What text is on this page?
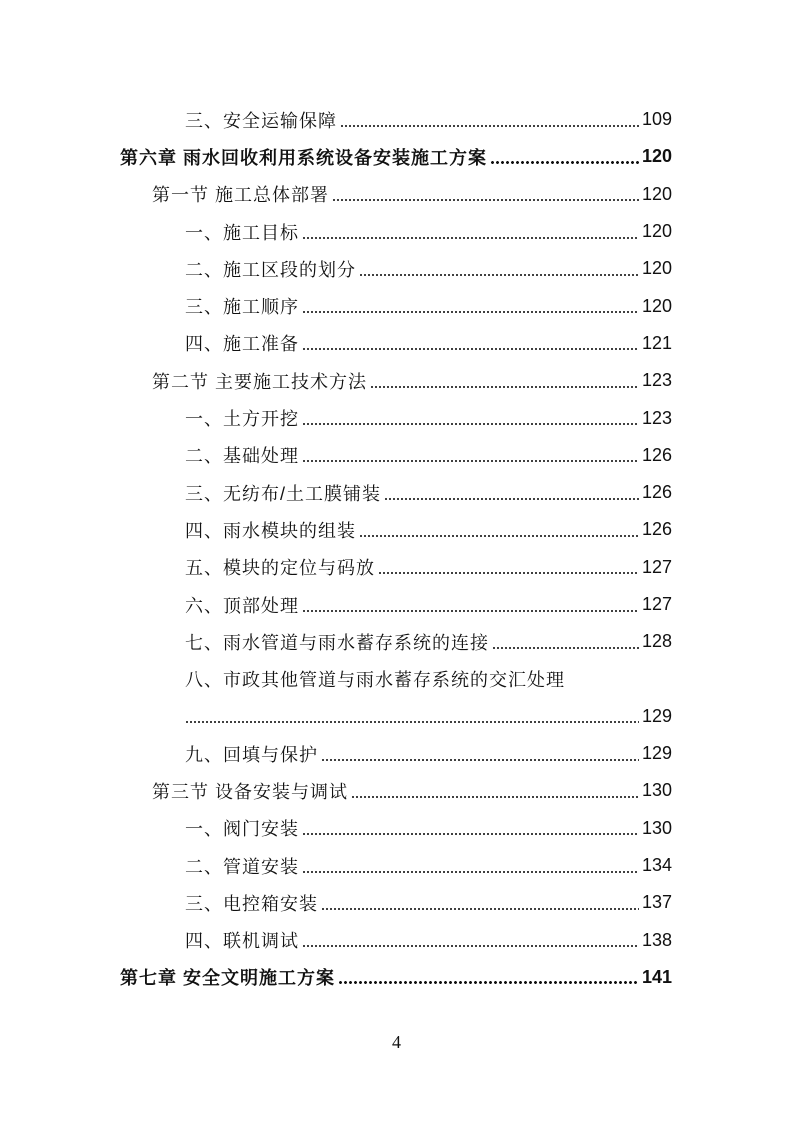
三、安全运输保障	109
第六章 雨水回收利用系统设备安装施工方案	120
第一节 施工总体部署	120
一、施工目标	120
二、施工区段的划分	120
三、施工顺序	120
四、施工准备	121
第二节 主要施工技术方法	123
一、土方开挖	123
二、基础处理	126
三、无纺布/土工膜铺装	126
四、雨水模块的组装	126
五、模块的定位与码放	127
六、顶部处理	127
七、雨水管道与雨水蓄存系统的连接	128
八、市政其他管道与雨水蓄存系统的交汇处理
129
九、回填与保护	129
第三节 设备安装与调试	130
一、阀门安装	130
二、管道安装	134
三、电控箱安装	137
四、联机调试	138
第七章 安全文明施工方案	141
4
